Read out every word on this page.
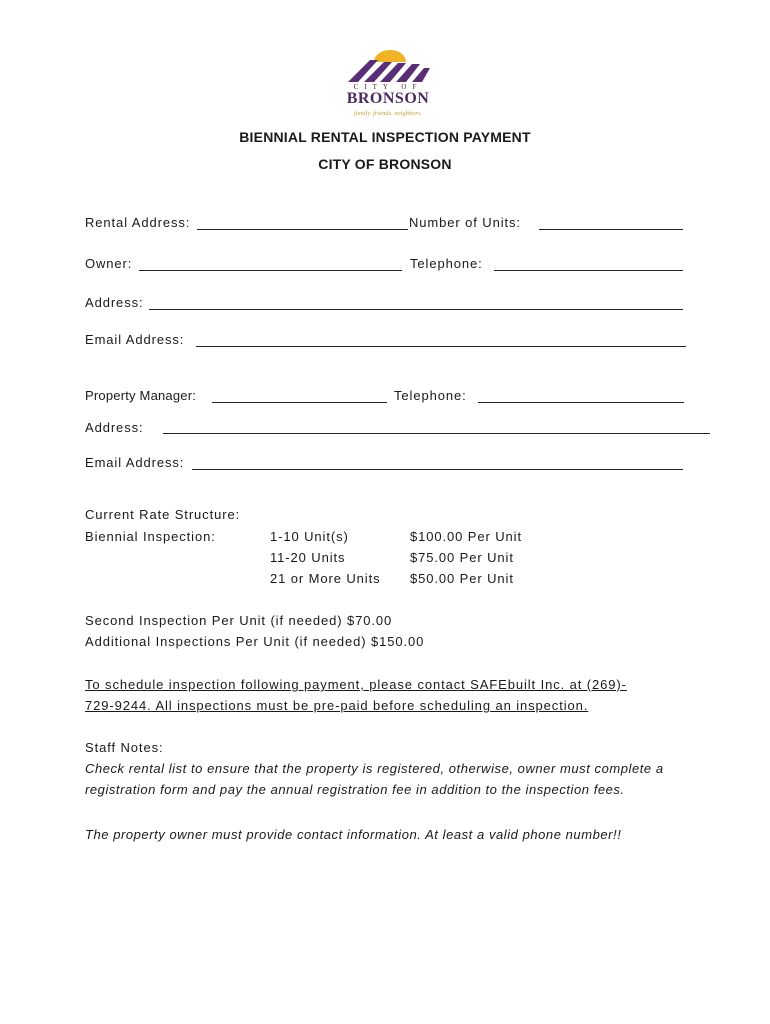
CITY OF
BRONSON
family. friends. neighbors.
BIENNIAL RENTAL INSPECTION PAYMENT
CITY OF BRONSON
Rental Address:	Number of Units:
Owner:	Telephone:
Address:
Email Address:
Property Manager:	Telephone:
Address:
Email Address:
Current Rate Structure:
Biennial Inspection:	1-10 Unit(s)	$100.00 Per Unit
11-20 Units	$75.00 Per Unit
21 or More Units $50.00 Per Unit
Second Inspection Per Unit (if needed) $70.00
Additional Inspections Per Unit (if needed) $150.00
To schedule inspection following payment, please contact SAFEbuilt Inc. at (269)-
729-9244. All inspections must be pre-paid before scheduling an inspection.
Staff Notes:
Check rental list to ensure that the property is registered, otherwise, owner must complete a
registration form and pay the annual registration fee in addition to the inspection fees.
The property owner must provide contact information. At least a valid phone number!!
